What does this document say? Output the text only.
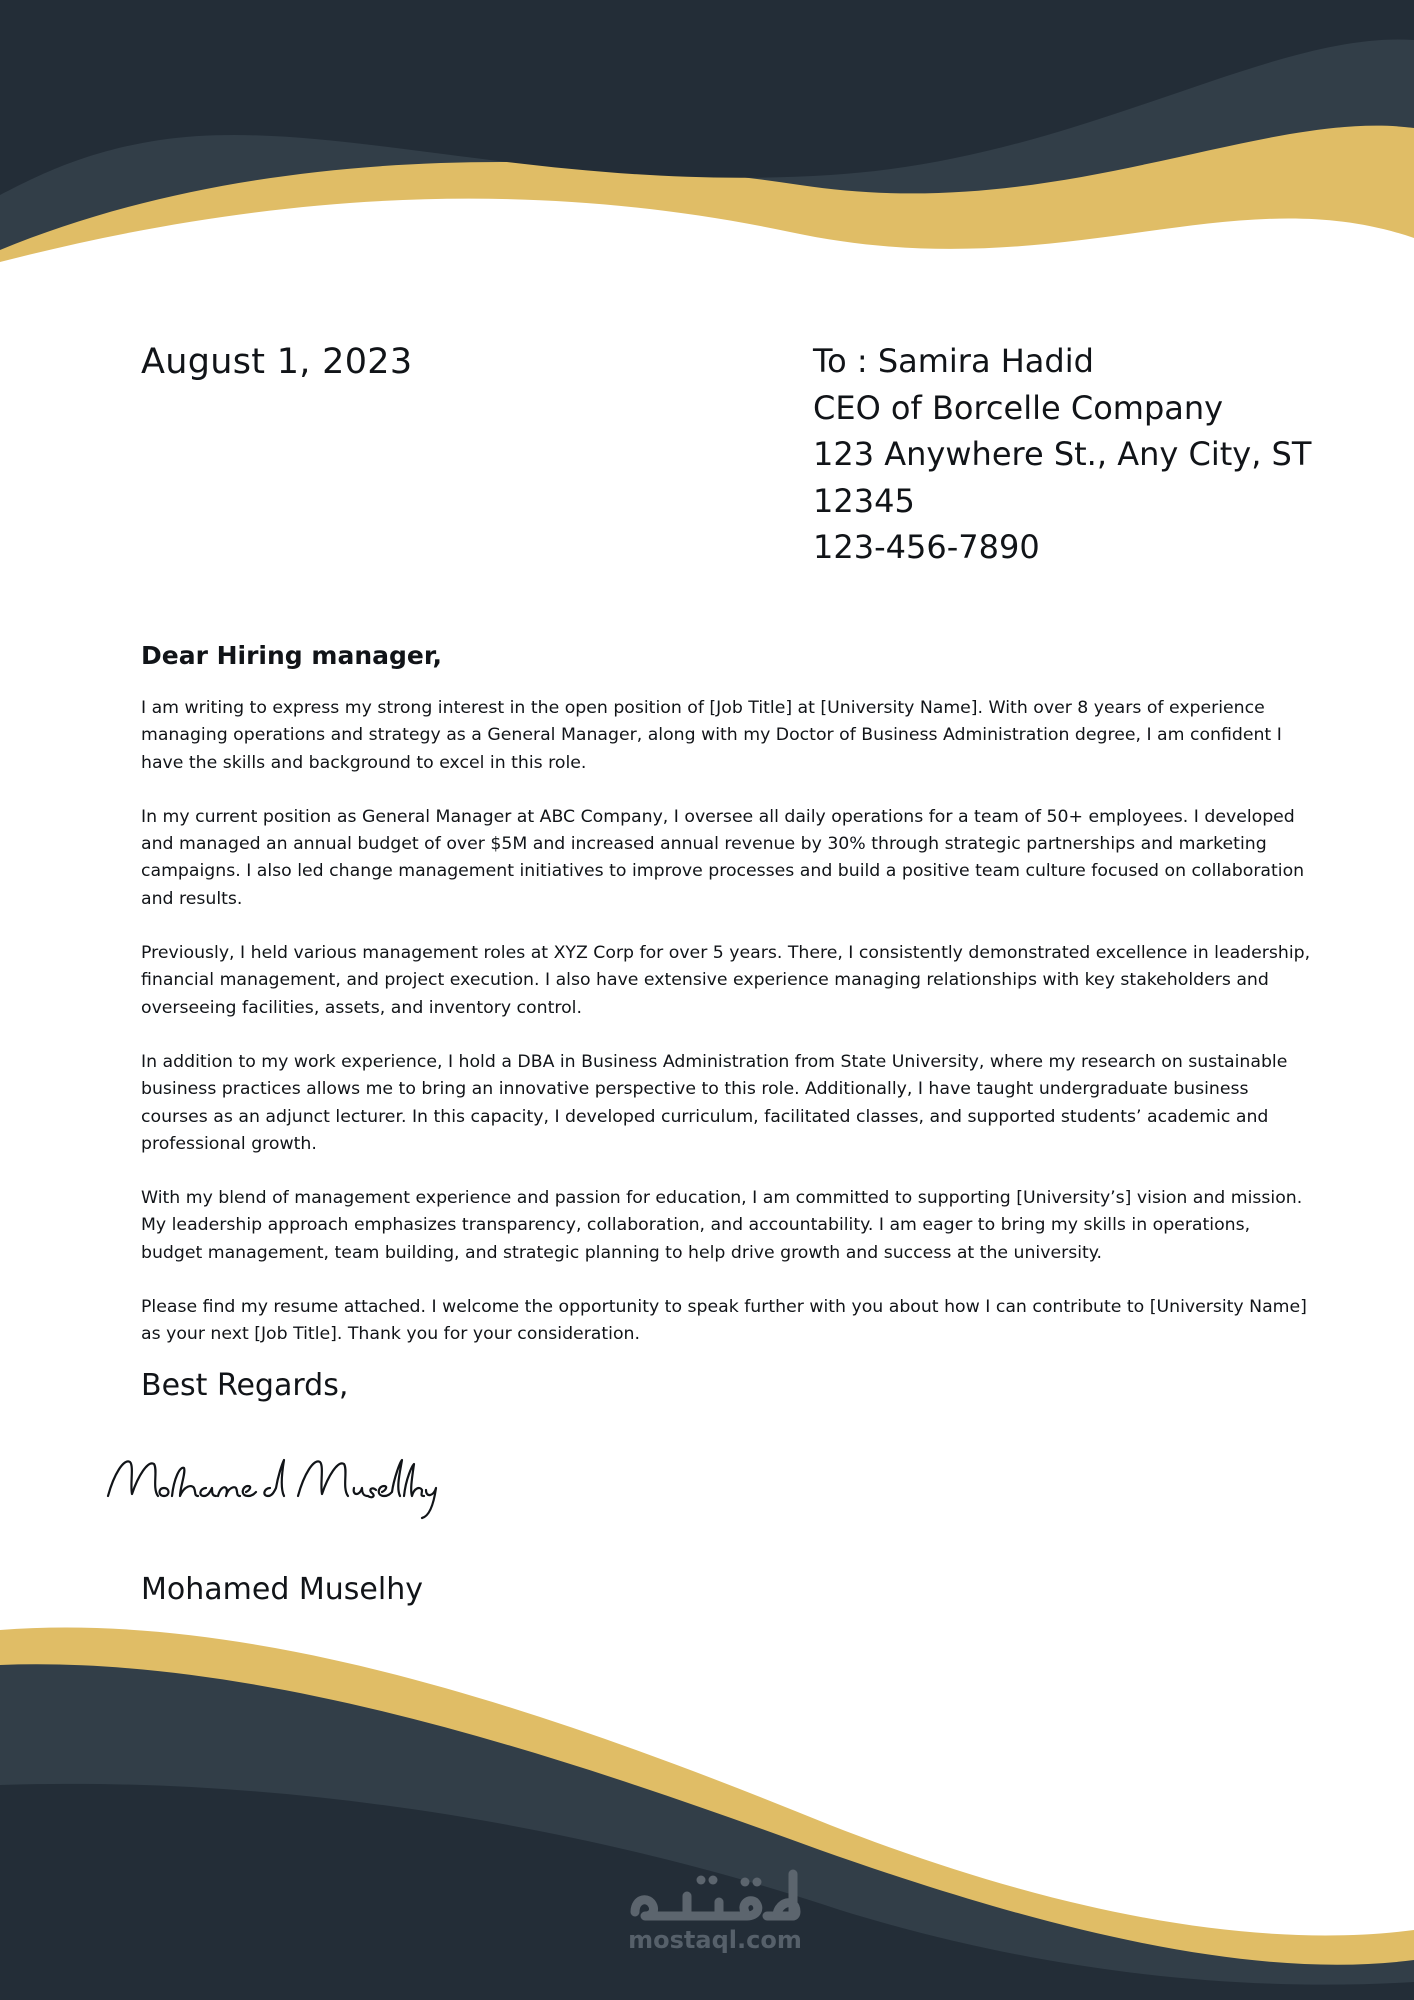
August 1, 2023	To : Samira Hadid
CEO of Borcelle Company
123 Anywhere St., Any City, ST
12345
123-456-7890
Dear Hiring manager,

I am writing to express my strong interest in the open position of [Job Title] at [University Name]. With over 8 years of experience managing operations and strategy as a General Manager, along with my Doctor of Business Administration degree, I am confident I have the skills and background to excel in this role.

In my current position as General Manager at ABC Company, I oversee all daily operations for a team of 50+ employees. I developed and managed an annual budget of over $5M and increased annual revenue by 30% through strategic partnerships and marketing campaigns. I also led change management initiatives to improve processes and build a positive team culture focused on collaboration and results.

Previously, I held various management roles at XYZ Corp for over 5 years. There, I consistently demonstrated excellence in leadership, financial management, and project execution. I also have extensive experience managing relationships with key stakeholders and overseeing facilities, assets, and inventory control.

In addition to my work experience, I hold a DBA in Business Administration from State University, where my research on sustainable business practices allows me to bring an innovative perspective to this role. Additionally, I have taught undergraduate business courses as an adjunct lecturer. In this capacity, I developed curriculum, facilitated classes, and supported students’ academic and professional growth.

With my blend of management experience and passion for education, I am committed to supporting [University’s] vision and mission. My leadership approach emphasizes transparency, collaboration, and accountability. I am eager to bring my skills in operations, budget management, team building, and strategic planning to help drive growth and success at the university.

Please find my resume attached. I welcome the opportunity to speak further with you about how I can contribute to [University Name] as your next [Job Title]. Thank you for your consideration.

Best Regards,
Mohamed Muselhy
mostaql.com
